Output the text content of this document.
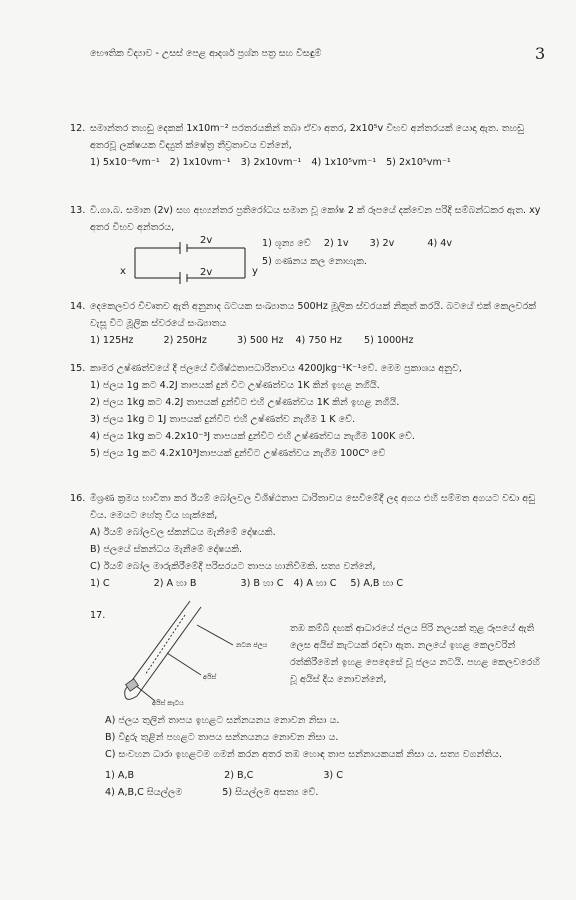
භෞතික විද්‍යාව - උසස් පෙළ ආදර්ශ ප්‍රශ්න පත්‍ර සහ විසඳුම්	3
12. සමාන්තර තහඩු දෙකක් 1x10m⁻² පරතරයකින් තබා ඒවා අතර, 2x10⁵v විභව අන්තරයක් යොදා ඇත. තහඩු අතරවූ ලක්ෂයක විද්‍යුත් ක්ෂේත්‍ර තීව්‍රතාවය වන්නේ,

1) 5x10⁻⁶vm⁻¹ 2) 1x10vm⁻¹ 3) 2x10vm⁻¹ 4) 1x10⁵vm⁻¹ 5) 2x10⁵vm⁻¹
13. වි.ගා.බ. සමාන (2v) සහ අභ්‍යන්තර ප්‍රතිරෝධය සමාන වූ කෝෂ 2 ක් රූපයේ දක්වෙන පරිදි සම්බන්ධකර ඇත. xy අතර විභව අන්තරය,

2v
2v
x	y
1) ශූන්‍ය වේ 2) 1v 3) 2v	4) 4v
5) ගණනය කල නොහැක.
14. දෙකෙලවර විවෘතව ඇති අනුනාද බටයක සංඛ්‍යාතය 500Hz මූලික ස්වරයක් නිකුත් කරයි. බටයේ එක් කෙලවරක් වැසූ විට මූලික ස්වරයේ සංඛ්‍යාතය

1) 125Hz	2) 250Hz	3) 500 Hz 4) 750 Hz 5) 1000Hz
15. කාමර උෂ්ණත්වයේ දී ජලයේ විශිෂ්ඨතාපධාරිතාවය 4200Jkg⁻¹K⁻¹වේ. මෙම ප්‍රකාශය අනුව,

1) ජලය 1g කට 4.2J තාපයක් දුන් විට උෂ්ණත්වය 1K කින් ඉහළ නගියි.
2) ජලය 1kg කට 4.2J තාපයක් දුන්විට එහි උෂ්ණත්වය 1K කින් ඉහළ නගියි.
3) ජලය 1kg ට 1J තාපයක් දුන්විට එහි උෂ්ණත්ව නැගීම 1 K වේ.
4) ජලය 1kg කට 4.2x10⁻³J තාපයක් දුන්විට එහි උෂ්ණත්වය නැගීම 100K වේ.
5) ජලය 1g කට 4.2x10³Jතාපයක් දුන්විට උෂ්ණත්වය නැගීම 100C⁰ වේ
16. මිශ්‍රණ ක්‍රමය භාවිතා කර ඊයම් බෝලවල විශිෂ්ඨතාප ධාරිතාවය සෙවීමේදී ලද අගය එහි සම්මත අගයට වඩා අඩු විය. මෙයට හේතු විය හැක්කේ,

A) ඊයම් බෝලවල ස්කන්ධය මැනීමේ දෝෂයකි.
B) ජලයේ ස්කන්ධය මැනීමේ දෝෂයකි.
C) ඊයම් බෝල මාරුකිරීමේදී පරිසරයට තාපය හානිවීමකි. සත්‍ය වන්නේ,
1) C	2) A හා B	3) B හා C 4) A හා C 5) A,B හා C
17.
නටන ජලය
අයිස්
අයිස් කැටය

තඹ කම්බි දඟක් ආධාරයේ ජලය පිරි නලයක් තුළ රූපයේ ඇති ලෙස අයිස් කැටයක් රඳවා ඇත. නලයේ ඉහළ කෙලවරින් රත්කිරීමෙන් ඉහළ පෙදෙසේ වූ ජලය නටයි. පහළ කෙලවරෙහි වූ අයිස් දිය නොවන්නේ,

A) ජලය තුලින් තාපය ඉහළට සන්නයනය නොවන නිසා ය.
B) වීදුරු තුළින් පහළට තාපය සන්නයනය නොවන නිසා ය.
C) සංවහන ධාරා ඉහළටම ගමන් කරන අතර තඹ හොඳ තාප සන්නායකයක් නිසා ය. සත්‍ය වගන්තිය.
1) A,B	2) B,C	3) C
4) A,B,C සියල්ලම	5) සියල්ලම අසත්‍ය වේ.
